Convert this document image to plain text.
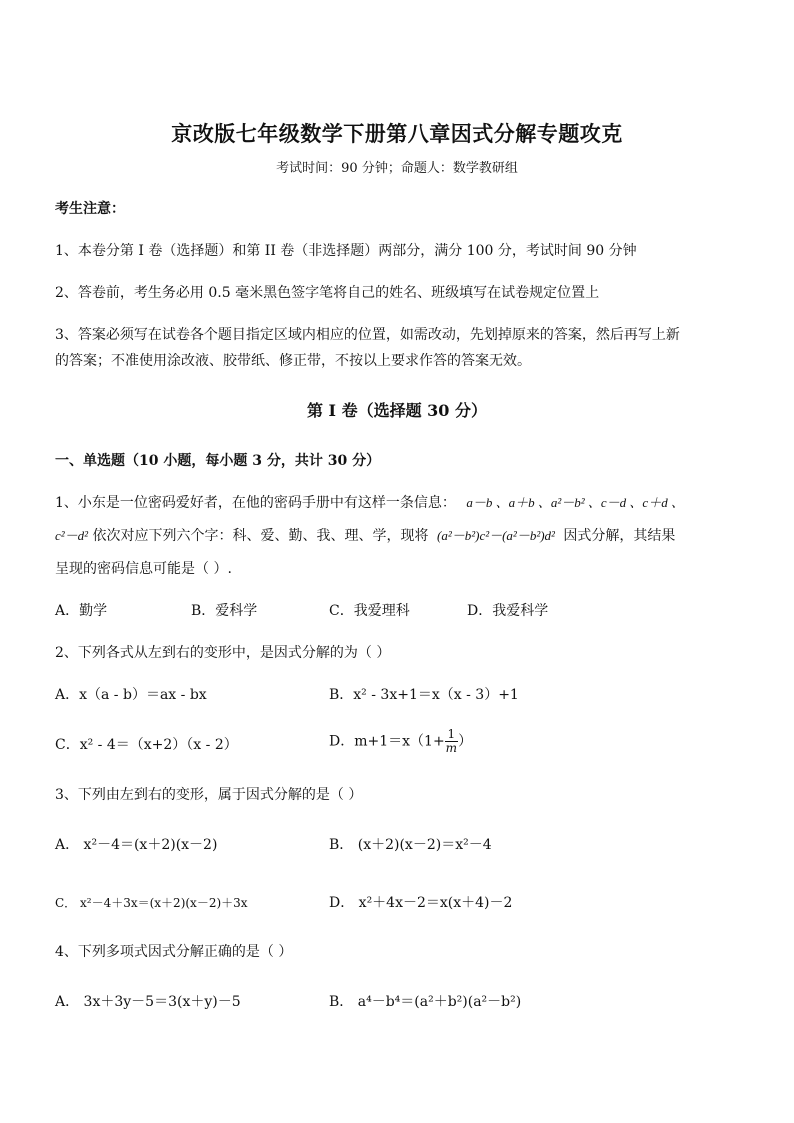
京改版七年级数学下册第八章因式分解专题攻克
考试时间：90 分钟；命题人：数学教研组
考生注意：
1、本卷分第 I 卷（选择题）和第 II 卷（非选择题）两部分，满分 100 分，考试时间 90 分钟
2、答卷前，考生务必用 0.5 毫米黑色签字笔将自己的姓名、班级填写在试卷规定位置上
3、答案必须写在试卷各个题目指定区域内相应的位置，如需改动，先划掉原来的答案，然后再写上新
的答案；不准使用涂改液、胶带纸、修正带，不按以上要求作答的答案无效。
第 I 卷（选择题 30 分）
一、单选题（10 小题，每小题 3 分，共计 30 分）
1、小东是一位密码爱好者，在他的密码手册中有这样一条信息： a－b 、a＋b 、a²－b² 、c－d 、c＋d 、
c²－d² 依次对应下列六个字：科、爱、勤、我、理、学，现将 (a²－b²)c²－(a²－b²)d² 因式分解，其结果
呈现的密码信息可能是（ ）.
A．勤学	B．爱科学	C．我爱理科	D．我爱科学
2、下列各式从左到右的变形中，是因式分解的为（ ）
A．x（a - b）＝ax - bx	B．x² - 3x+1＝x（x - 3）+1
C．x² - 4＝（x+2）（x - 2）	D．$m+1=x(1+ \frac{1}{m}$ ）
3、下列由左到右的变形，属于因式分解的是（ ）
A． x²－4＝(x＋2)(x－2)	B． (x＋2)(x－2)＝x²－4
C． x²－4＋3x＝(x＋2)(x－2)＋3x	D． x²＋4x－2＝x(x＋4)－2
4、下列多项式因式分解正确的是（ ）
A． 3x＋3y－5＝3(x＋y)－5	B． a⁴－b⁴＝(a²＋b²)(a²－b²)
